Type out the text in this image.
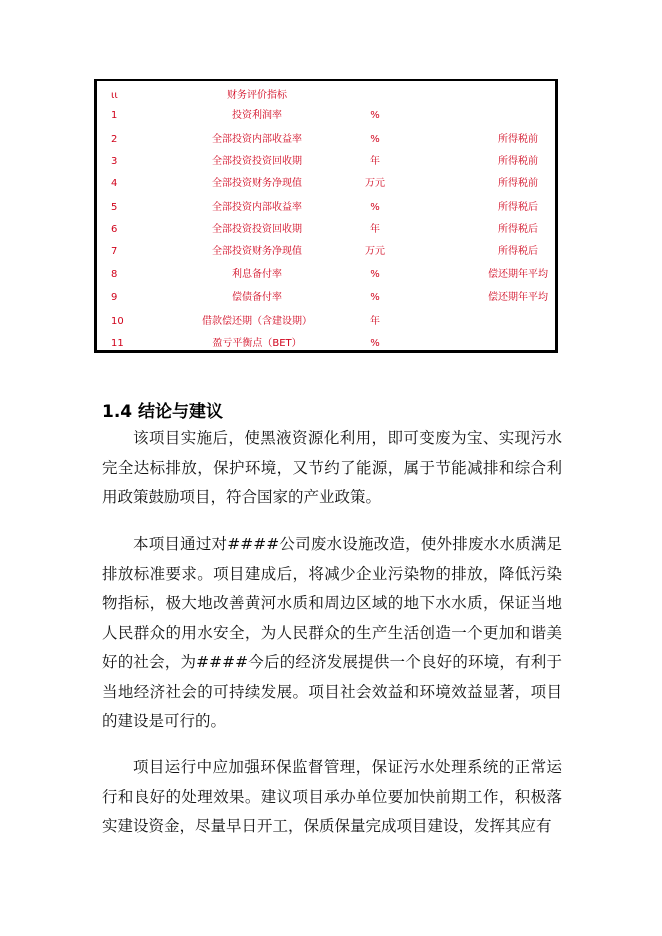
ιι	财务评价指标
1	投资利润率	%
2	全部投资内部收益率	%	所得税前
3	全部投资投资回收期	年	所得税前
4	全部投资财务净现值	万元	所得税前
5	全部投资内部收益率	%	所得税后
6	全部投资投资回收期	年	所得税后
7	全部投资财务净现值	万元	所得税后
8	利息备付率	%	偿还期年平均
9	偿债备付率	%	偿还期年平均
10	借款偿还期（含建设期）	年
11	盈亏平衡点（BET）	%
1.4 结论与建议

该项目实施后，使黑液资源化利用，即可变废为宝、实现污水完全达标排放，保护环境，又节约了能源，属于节能减排和综合利用政策鼓励项目，符合国家的产业政策。

本项目通过对####公司废水设施改造，使外排废水水质满足排放标准要求。项目建成后，将减少企业污染物的排放，降低污染物指标，极大地改善黄河水质和周边区域的地下水水质，保证当地人民群众的用水安全，为人民群众的生产生活创造一个更加和谐美好的社会，为####今后的经济发展提供一个良好的环境，有利于当地经济社会的可持续发展。项目社会效益和环境效益显著，项目的建设是可行的。

项目运行中应加强环保监督管理，保证污水处理系统的正常运行和良好的处理效果。建议项目承办单位要加快前期工作，积极落实建设资金，尽量早日开工，保质保量完成项目建设，发挥其应有
